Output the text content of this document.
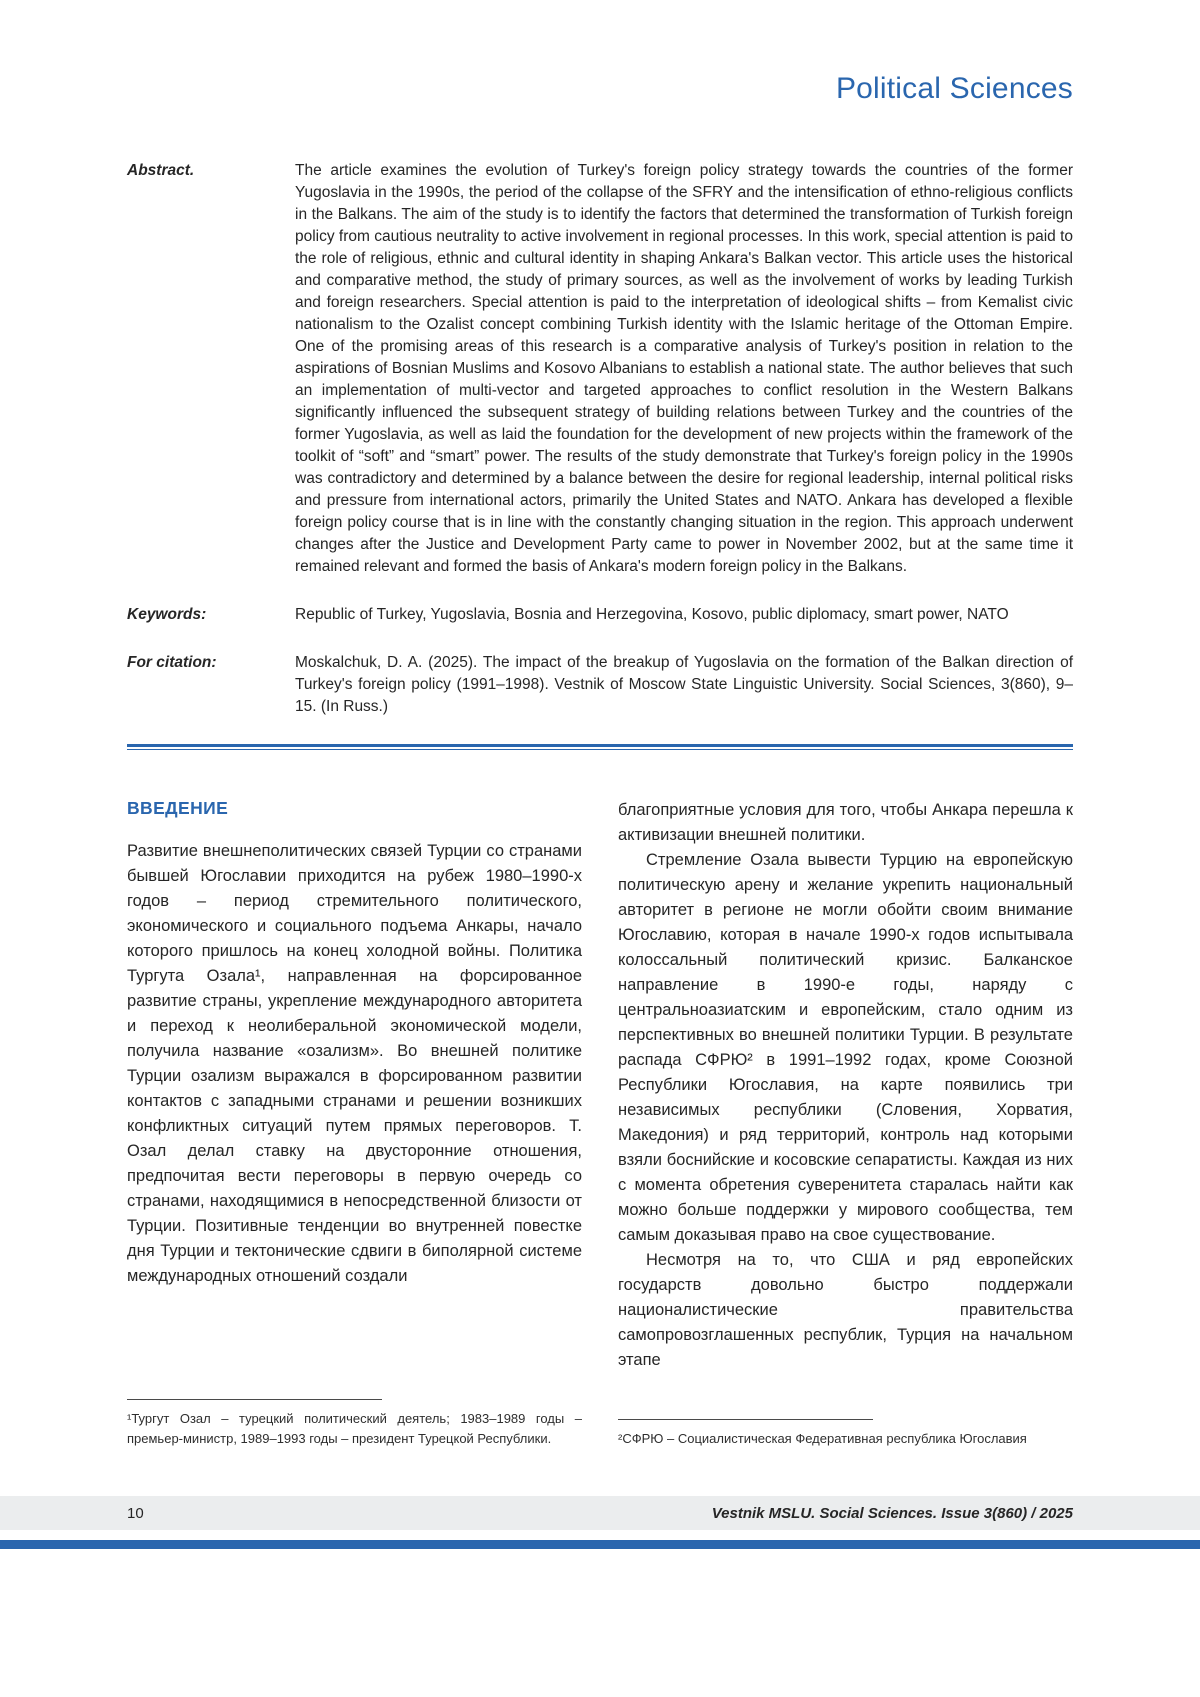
Political Sciences
Abstract.	The article examines the evolution of Turkey's foreign policy strategy towards the countries of the former Yugoslavia in the 1990s, the period of the collapse of the SFRY and the intensification of ethno-religious conflicts in the Balkans. The aim of the study is to identify the factors that determined the transformation of Turkish foreign policy from cautious neutrality to active involvement in regional processes. In this work, special attention is paid to the role of religious, ethnic and cultural identity in shaping Ankara's Balkan vector. This article uses the historical and comparative method, the study of primary sources, as well as the involvement of works by leading Turkish and foreign researchers. Special attention is paid to the interpretation of ideological shifts – from Kemalist civic nationalism to the Ozalist concept combining Turkish identity with the Islamic heritage of the Ottoman Empire. One of the promising areas of this research is a comparative analysis of Turkey's position in relation to the aspirations of Bosnian Muslims and Kosovo Albanians to establish a national state. The author believes that such an implementation of multi-vector and targeted approaches to conflict resolution in the Western Balkans significantly influenced the subsequent strategy of building relations between Turkey and the countries of the former Yugoslavia, as well as laid the foundation for the development of new projects within the framework of the toolkit of “soft” and “smart” power. The results of the study demonstrate that Turkey's foreign policy in the 1990s was contradictory and determined by a balance between the desire for regional leadership, internal political risks and pressure from international actors, primarily the United States and NATO. Ankara has developed a flexible foreign policy course that is in line with the constantly changing situation in the region. This approach underwent changes after the Justice and Development Party came to power in November 2002, but at the same time it remained relevant and formed the basis of Ankara's modern foreign policy in the Balkans.

Keywords:	Republic of Turkey, Yugoslavia, Bosnia and Herzegovina, Kosovo, public diplomacy, smart power, NATO

For citation:	Moskalchuk, D. A. (2025). The impact of the breakup of Yugoslavia on the formation of the Balkan direction of Turkey's foreign policy (1991–1998). Vestnik of Moscow State Linguistic University. Social Sciences, 3(860), 9–15. (In Russ.)

ВВЕДЕНИЕ

Развитие внешнеполитических связей Турции со странами бывшей Югославии приходится на рубеж 1980–1990-х годов – период стремительного политического, экономического и социального подъема Анкары, начало которого пришлось на конец холодной войны. Политика Тургута Озала¹, направленная на форсированное развитие страны, укрепление международного авторитета и переход к неолиберальной экономической модели, получила название «озализм». Во внешней политике Турции озализм выражался в форсированном развитии контактов с западными странами и решении возникших конфликтных ситуаций путем прямых переговоров. Т. Озал делал ставку на двусторонние отношения, предпочитая вести переговоры в первую очередь со странами, находящимися в непосредственной близости от Турции. Позитивные тенденции во внутренней повестке дня Турции и тектонические сдвиги в биполярной системе международных отношений создали

¹Тургут Озал – турецкий политический деятель; 1983–1989 годы – премьер-министр, 1989–1993 годы – президент Турецкой Республики.

благоприятные условия для того, чтобы Анкара перешла к активизации внешней политики.

Стремление Озала вывести Турцию на европейскую политическую арену и желание укрепить национальный авторитет в регионе не могли обойти своим внимание Югославию, которая в начале 1990-х годов испытывала колоссальный политический кризис. Балканское направление в 1990-е годы, наряду с центральноазиатским и европейским, стало одним из перспективных во внешней политики Турции. В результате распада СФРЮ² в 1991–1992 годах, кроме Союзной Республики Югославия, на карте появились три независимых республики (Словения, Хорватия, Македония) и ряд территорий, контроль над которыми взяли боснийские и косовские сепаратисты. Каждая из них с момента обретения суверенитета старалась найти как можно больше поддержки у мирового сообщества, тем самым доказывая право на свое существование.

Несмотря на то, что США и ряд европейских государств довольно быстро поддержали националистические правительства самопровозглашенных республик, Турция на начальном этапе

²СФРЮ – Социалистическая Федеративная республика Югославия

10	Vestnik MSLU. Social Sciences. Issue 3(860) / 2025
